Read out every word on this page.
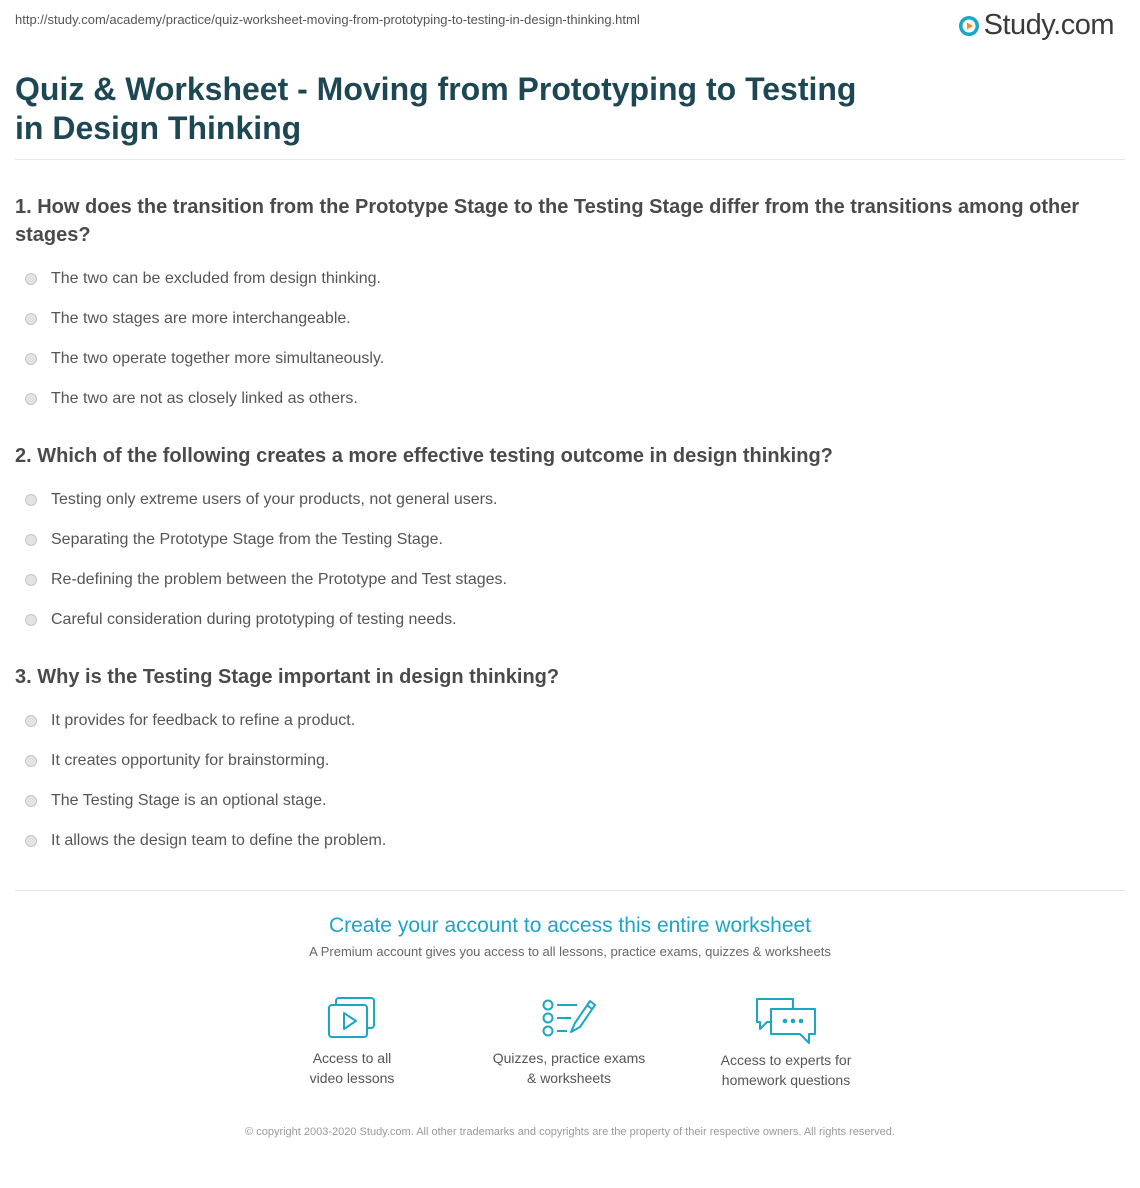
http://study.com/academy/practice/quiz-worksheet-moving-from-prototyping-to-testing-in-design-thinking.html	Study.com
Quiz & Worksheet - Moving from Prototyping to Testing
in Design Thinking

1. How does the transition from the Prototype Stage to the Testing Stage differ from the transitions among other stages?

The two can be excluded from design thinking.
The two stages are more interchangeable.
The two operate together more simultaneously.
The two are not as closely linked as others.

2. Which of the following creates a more effective testing outcome in design thinking?

Testing only extreme users of your products, not general users.
Separating the Prototype Stage from the Testing Stage.
Re-defining the problem between the Prototype and Test stages.
Careful consideration during prototyping of testing needs.

3. Why is the Testing Stage important in design thinking?

It provides for feedback to refine a product.
It creates opportunity for brainstorming.
The Testing Stage is an optional stage.
It allows the design team to define the problem.

Create your account to access this entire worksheet

A Premium account gives you access to all lessons, practice exams, quizzes & worksheets

Access to all
video lessons
Quizzes, practice exams
& worksheets
Access to experts for
homework questions
© copyright 2003-2020 Study.com. All other trademarks and copyrights are the property of their respective owners. All rights reserved.
